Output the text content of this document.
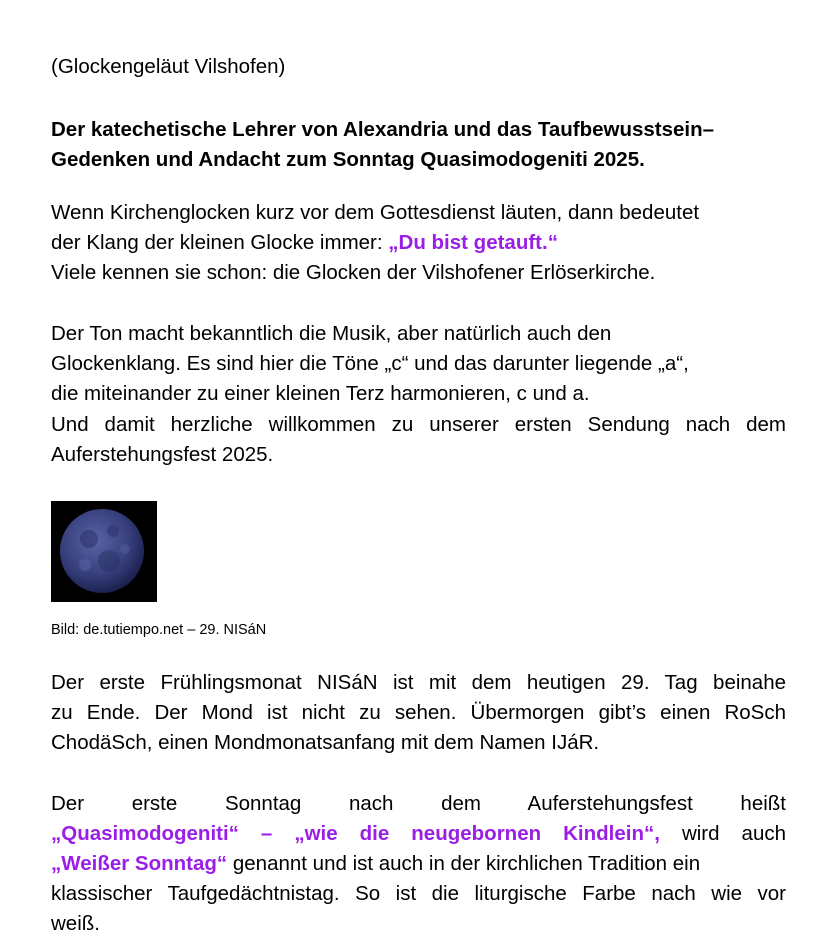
(Glockengeläut Vilshofen)
Der katechetische Lehrer von Alexandria und das Taufbewusstsein–
Gedenken und Andacht zum Sonntag Quasimodogeniti 2025.
Wenn Kirchenglocken kurz vor dem Gottesdienst läuten, dann bedeutet
der Klang der kleinen Glocke immer: „Du bist getauft.“
Viele kennen sie schon: die Glocken der Vilshofener Erlöserkirche.
Der Ton macht bekanntlich die Musik, aber natürlich auch den
Glockenklang. Es sind hier die Töne „c“ und das darunter liegende „a“,
die miteinander zu einer kleinen Terz harmonieren, c und a.
Und damit herzliche willkommen zu unserer ersten Sendung nach dem
Auferstehungsfest 2025.
Bild: de.tutiempo.net – 29. NISáN
Der erste Frühlingsmonat NISáN ist mit dem heutigen 29. Tag beinahe
zu Ende. Der Mond ist nicht zu sehen. Übermorgen gibt’s einen RoSch
ChodäSch, einen Mondmonatsanfang mit dem Namen IJáR.
Der erste Sonntag nach dem Auferstehungsfest heißt
„Quasimodogeniti“ – „wie die neugebornen Kindlein“, wird auch
„Weißer Sonntag“ genannt und ist auch in der kirchlichen Tradition ein
klassischer Taufgedächtnistag. So ist die liturgische Farbe nach wie vor
weiß.
